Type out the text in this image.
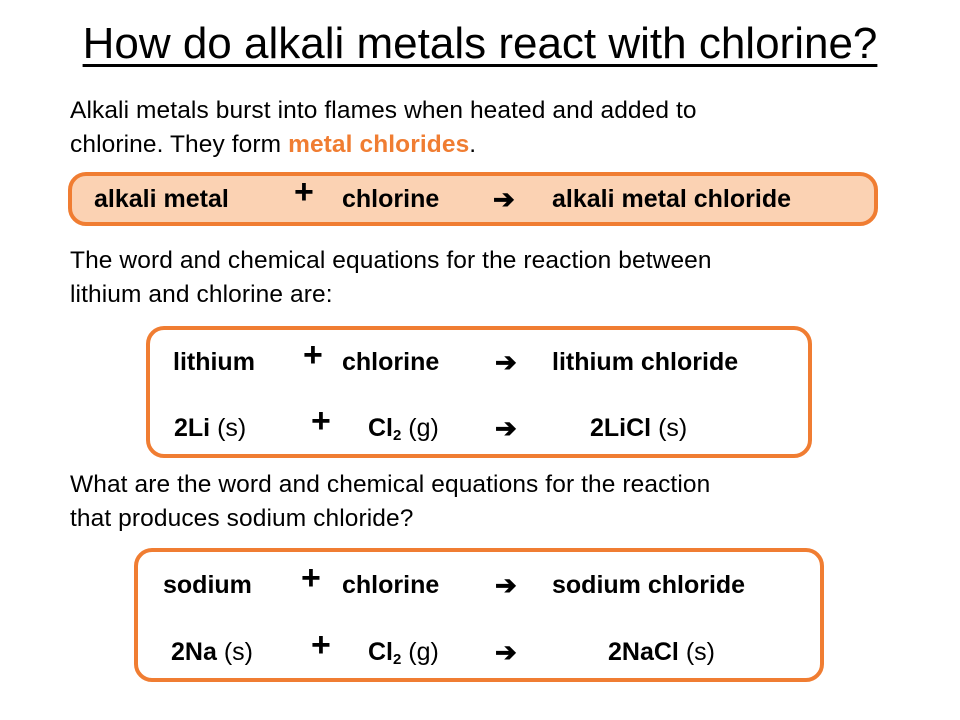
How do alkali metals react with chlorine?
Alkali metals burst into flames when heated and added to
chlorine. They form metal chlorides.
alkali metal + chlorine ➔ alkali metal chloride
The word and chemical equations for the reaction between
lithium and chlorine are:
lithium + chlorine ➔ lithium chloride
2Li $(s) + Cl_2$ (g) ➔	2LiCl (s)
What are the word and chemical equations for the reaction
that produces sodium chloride?
sodium + chlorine ➔ sodium chloride
2Na $(s) + Cl_2$ (g) ➔	2NaCl (s)
